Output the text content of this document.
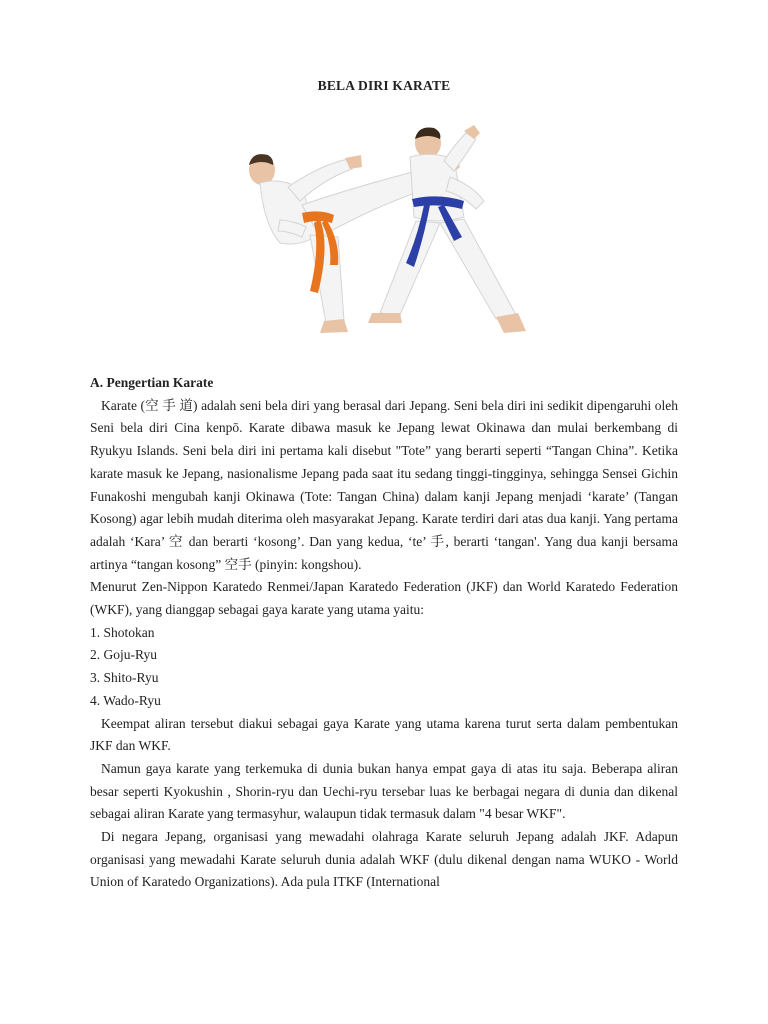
BELA DIRI KARATE

A. Pengertian Karate

Karate (空 手 道) adalah seni bela diri yang berasal dari Jepang. Seni bela diri ini sedikit dipengaruhi oleh Seni bela diri Cina kenpō. Karate dibawa masuk ke Jepang lewat Okinawa dan mulai berkembang di Ryukyu Islands. Seni bela diri ini pertama kali disebut "Tote” yang berarti seperti “Tangan China”. Ketika karate masuk ke Jepang, nasionalisme Jepang pada saat itu sedang tinggi-tingginya, sehingga Sensei Gichin Funakoshi mengubah kanji Okinawa (Tote: Tangan China) dalam kanji Jepang menjadi ‘karate’ (Tangan Kosong) agar lebih mudah diterima oleh masyarakat Jepang. Karate terdiri dari atas dua kanji. Yang pertama adalah ‘Kara’ 空 dan berarti ‘kosong’. Dan yang kedua, ‘te’ 手, berarti ‘tangan'. Yang dua kanji bersama artinya “tangan kosong” 空手 (pinyin: kongshou).

Menurut Zen-Nippon Karatedo Renmei/Japan Karatedo Federation (JKF) dan World Karatedo Federation (WKF), yang dianggap sebagai gaya karate yang utama yaitu:

1. Shotokan

2. Goju-Ryu

3. Shito-Ryu

4. Wado-Ryu

Keempat aliran tersebut diakui sebagai gaya Karate yang utama karena turut serta dalam pembentukan JKF dan WKF.

Namun gaya karate yang terkemuka di dunia bukan hanya empat gaya di atas itu saja. Beberapa aliran besar seperti Kyokushin , Shorin-ryu dan Uechi-ryu tersebar luas ke berbagai negara di dunia dan dikenal sebagai aliran Karate yang termasyhur, walaupun tidak termasuk dalam "4 besar WKF".

Di negara Jepang, organisasi yang mewadahi olahraga Karate seluruh Jepang adalah JKF. Adapun organisasi yang mewadahi Karate seluruh dunia adalah WKF (dulu dikenal dengan nama WUKO - World Union of Karatedo Organizations). Ada pula ITKF (International
